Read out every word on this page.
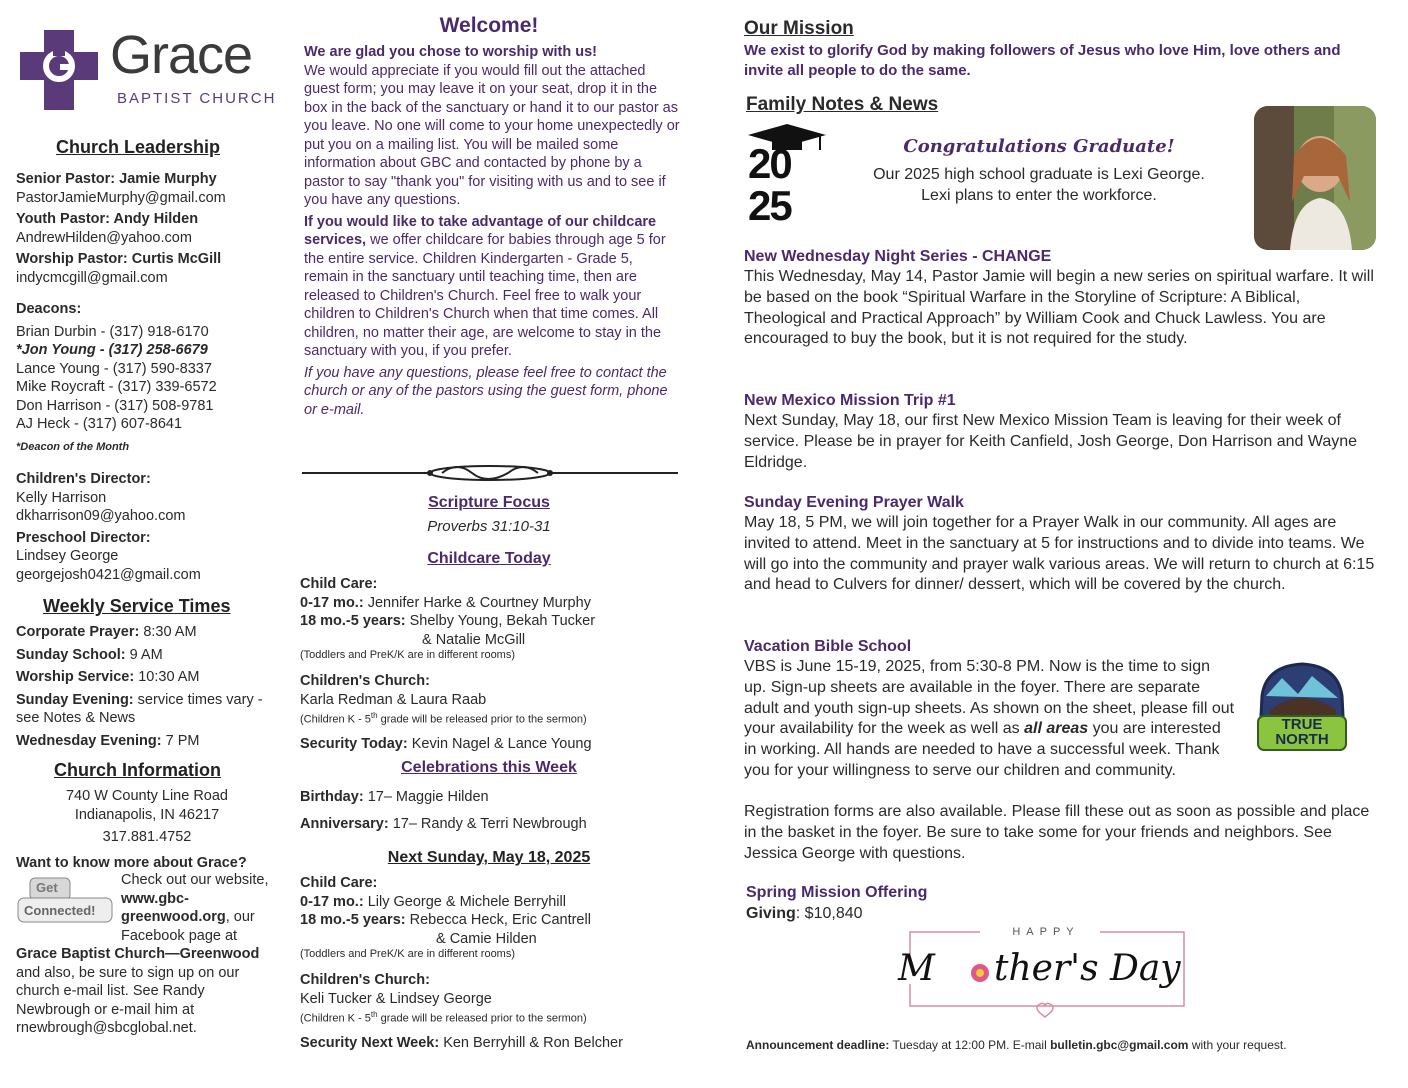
Grace
BAPTIST CHURCH
Church Leadership
Senior Pastor: Jamie Murphy
PastorJamieMurphy@gmail.com
Youth Pastor: Andy Hilden
AndrewHilden@yahoo.com
Worship Pastor: Curtis McGill
indycmcgill@gmail.com
Deacons:
Brian Durbin - (317) 918-6170
*Jon Young - (317) 258-6679
Lance Young - (317) 590-8337
Mike Roycraft - (317) 339-6572
Don Harrison - (317) 508-9781
AJ Heck - (317) 607-8641
*Deacon of the Month
Children's Director:
Kelly Harrison
dkharrison09@yahoo.com
Preschool Director:
Lindsey George
georgejosh0421@gmail.com
Weekly Service Times
Corporate Prayer: 8:30 AM
Sunday School: 9 AM
Worship Service: 10:30 AM
Sunday Evening: service times vary - see Notes & News
Wednesday Evening: 7 PM
Church Information
740 W County Line Road
Indianapolis, IN 46217
317.881.4752
Want to know more about Grace?
Get
Connected!
Check out our website, www.gbc-greenwood.org, our Facebook page at Grace Baptist Church—Greenwood and also, be sure to sign up on our church e-mail list. See Randy Newbrough or e-mail him at rnewbrough@sbcglobal.net.
Welcome!
We are glad you chose to worship with us!
We would appreciate if you would fill out the attached guest form; you may leave it on your seat, drop it in the box in the back of the sanctuary or hand it to our pastor as you leave. No one will come to your home unexpectedly or put you on a mailing list. You will be mailed some information about GBC and contacted by phone by a pastor to say "thank you" for visiting with us and to see if you have any questions.
If you would like to take advantage of our childcare services, we offer childcare for babies through age 5 for the entire service. Children Kindergarten - Grade 5, remain in the sanctuary until teaching time, then are released to Children's Church. Feel free to walk your children to Children's Church when that time comes. All children, no matter their age, are welcome to stay in the sanctuary with you, if you prefer.
If you have any questions, please feel free to contact the church or any of the pastors using the guest form, phone or e-mail.
Scripture Focus
Proverbs 31:10-31
Childcare Today
Child Care:
0-17 mo.: Jennifer Harke & Courtney Murphy
18 mo.-5 years: Shelby Young, Bekah Tucker
& Natalie McGill
(Toddlers and PreK/K are in different rooms)
Children's Church:
Karla Redman & Laura Raab
(Children K - 5th grade will be released prior to the sermon)
Security Today: Kevin Nagel & Lance Young
Celebrations this Week
Birthday: 17– Maggie Hilden
Anniversary: 17– Randy & Terri Newbrough
Next Sunday, May 18, 2025
Child Care:
0-17 mo.: Lily George & Michele Berryhill
18 mo.-5 years: Rebecca Heck, Eric Cantrell
& Camie Hilden
(Toddlers and PreK/K are in different rooms)
Children's Church:
Keli Tucker & Lindsey George
(Children K - 5th grade will be released prior to the sermon)
Security Next Week: Ken Berryhill & Ron Belcher
Our Mission
We exist to glorify God by making followers of Jesus who love Him, love others and invite all people to do the same.
Family Notes & News
20
25
Congratulations Graduate!
Our 2025 high school graduate is Lexi George.
Lexi plans to enter the workforce.
New Wednesday Night Series - CHANGE
This Wednesday, May 14, Pastor Jamie will begin a new series on spiritual warfare. It will be based on the book “Spiritual Warfare in the Storyline of Scripture: A Biblical, Theological and Practical Approach” by William Cook and Chuck Lawless. You are encouraged to buy the book, but it is not required for the study.
New Mexico Mission Trip #1
Next Sunday, May 18, our first New Mexico Mission Team is leaving for their week of service. Please be in prayer for Keith Canfield, Josh George, Don Harrison and Wayne Eldridge.
Sunday Evening Prayer Walk
May 18, 5 PM, we will join together for a Prayer Walk in our community. All ages are invited to attend. Meet in the sanctuary at 5 for instructions and to divide into teams. We will go into the community and prayer walk various areas. We will return to church at 6:15 and head to Culvers for dinner/ dessert, which will be covered by the church.
Vacation Bible School
VBS is June 15-19, 2025, from 5:30-8 PM. Now is the time to sign up. Sign-up sheets are available in the foyer. There are separate adult and youth sign-up sheets. As shown on the sheet, please fill out your availability for the week as well as all areas you are interested in working. All hands are needed to have a successful week. Thank you for your willingness to serve our children and community.
Registration forms are also available. Please fill these out as soon as possible and place in the basket in the foyer. Be sure to take some for your friends and neighbors. See Jessica George with questions.
TRUE
NORTH
Spring Mission Offering
Giving: $10,840
HAPPY
M ther's Day
Announcement deadline: Tuesday at 12:00 PM. E-mail bulletin.gbc@gmail.com with your request.
